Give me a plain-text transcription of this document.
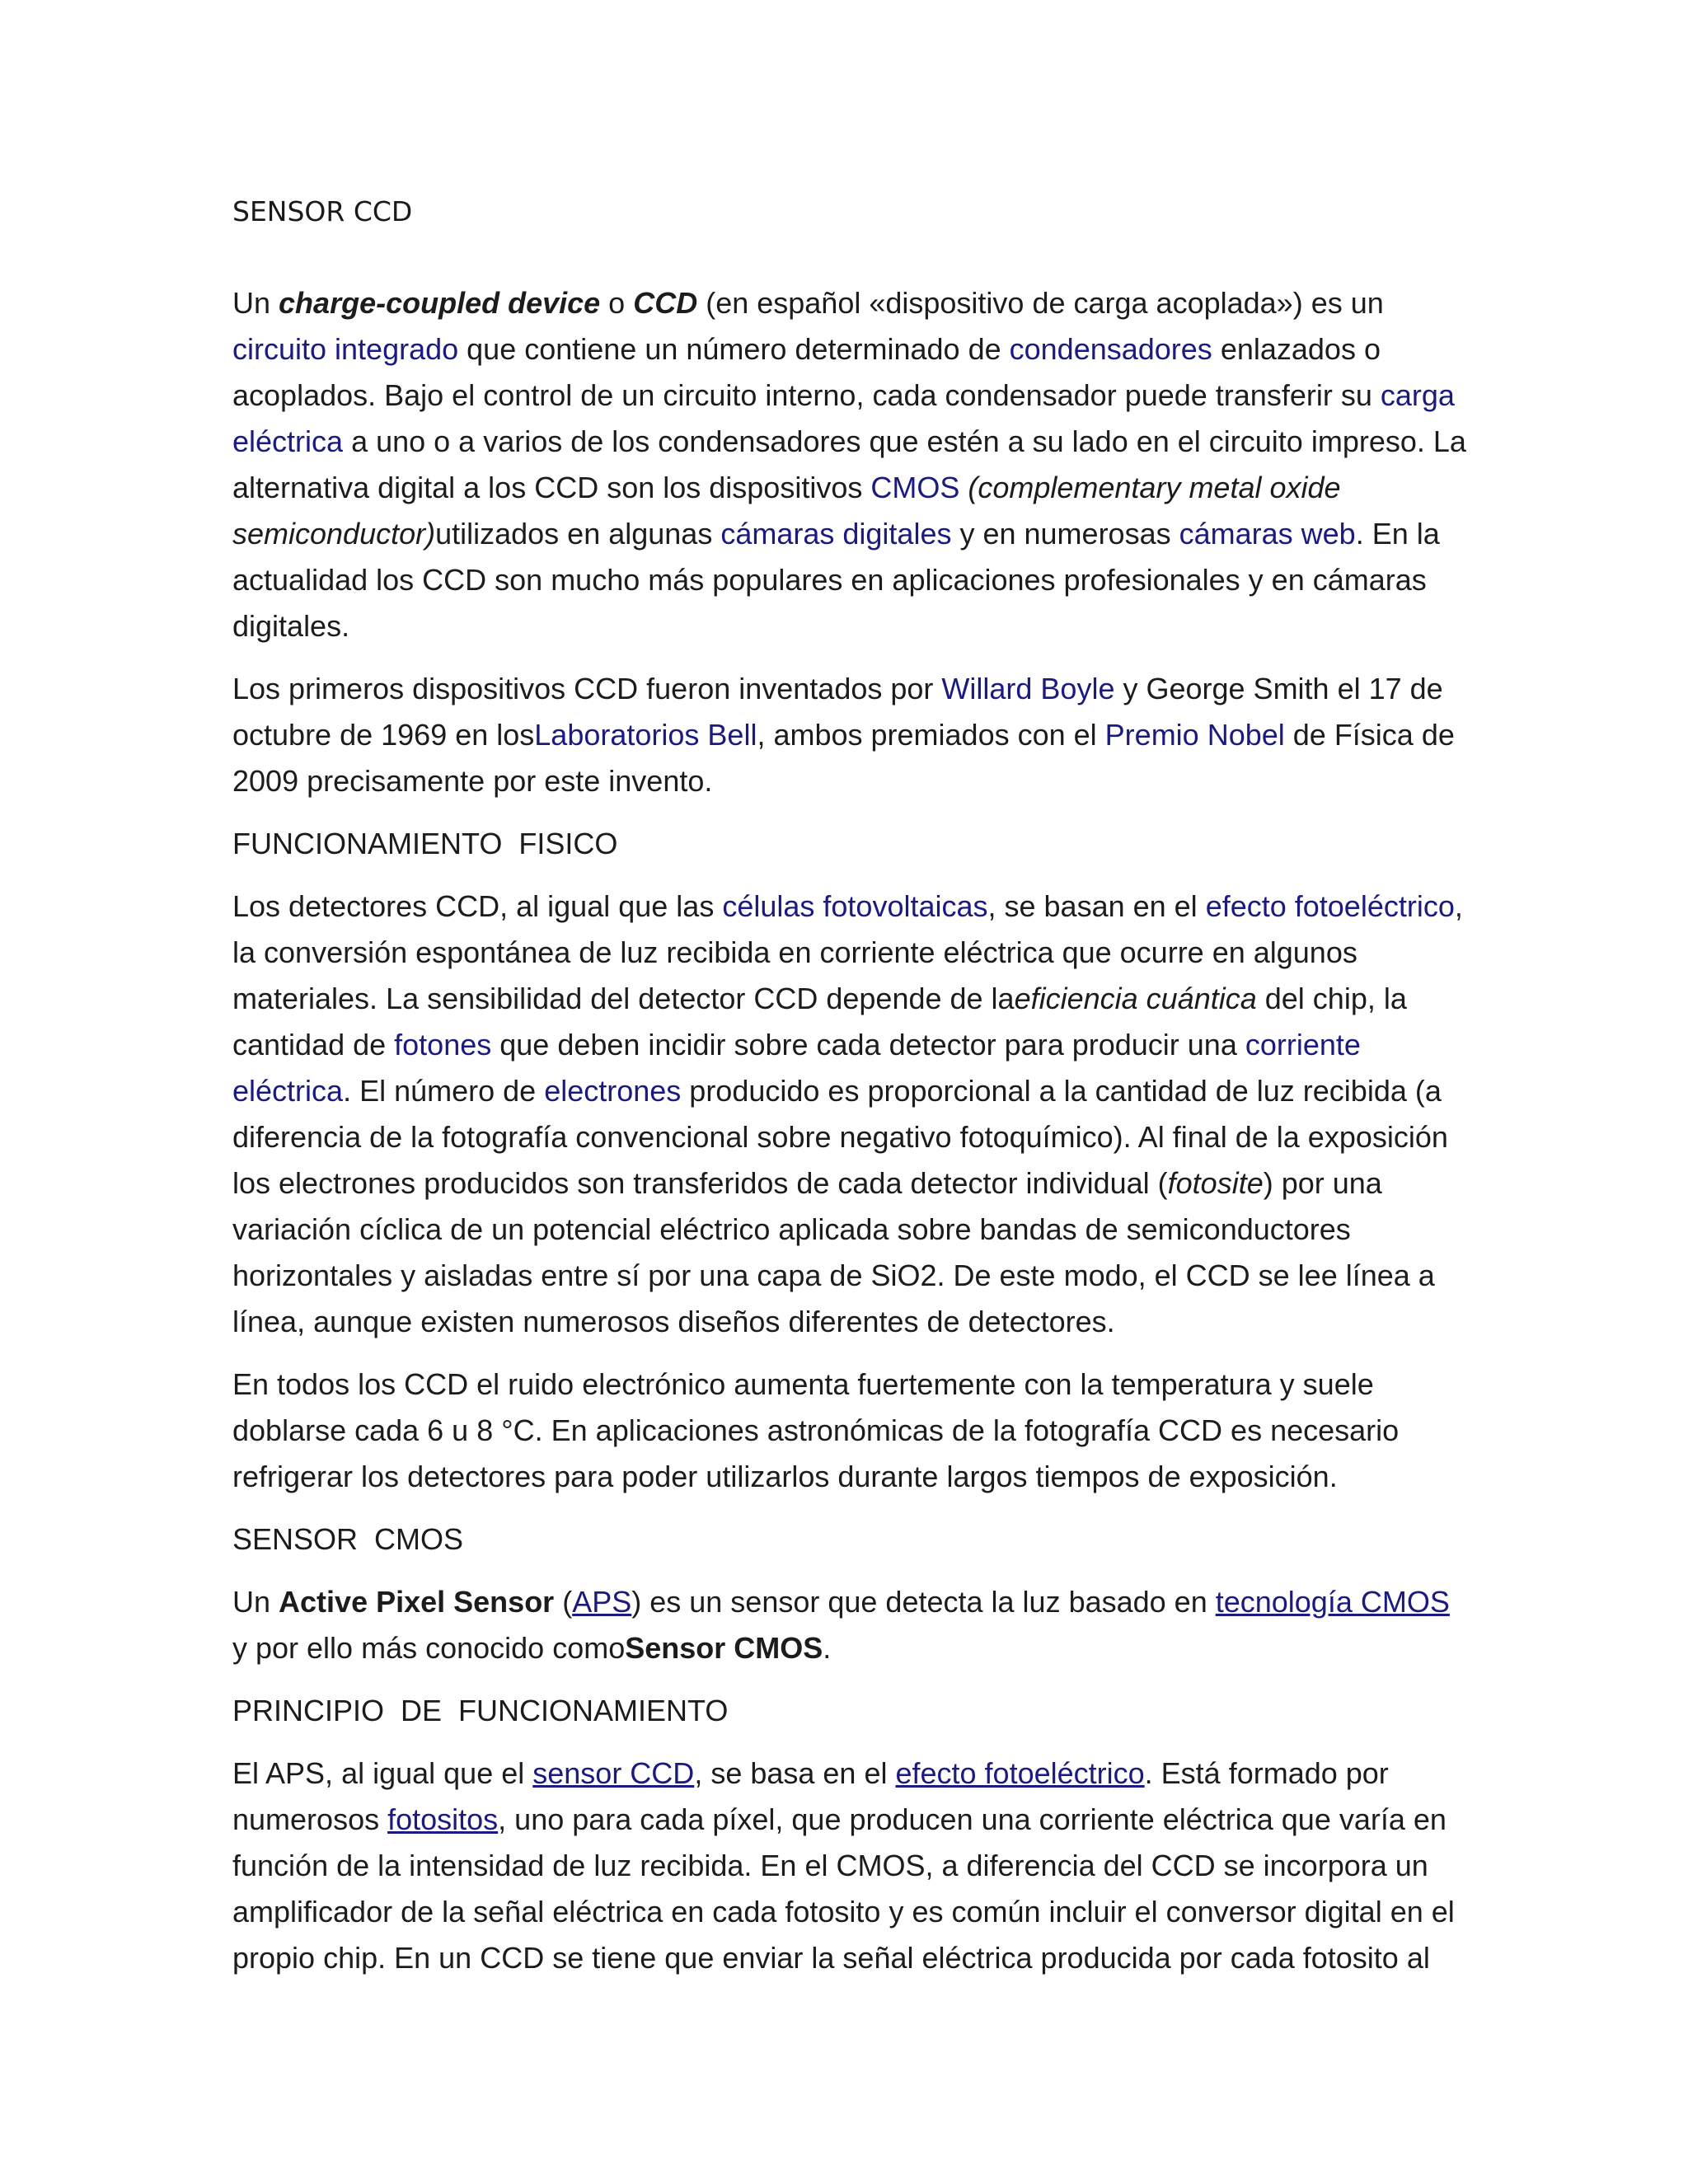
SENSOR CCD

Un charge-coupled device o CCD (en español «dispositivo de carga acoplada») es un circuito integrado que contiene un número determinado de condensadores enlazados o acoplados. Bajo el control de un circuito interno, cada condensador puede transferir su carga eléctrica a uno o a varios de los condensadores que estén a su lado en el circuito impreso. La alternativa digital a los CCD son los dispositivos CMOS (complementary metal oxide semiconductor)utilizados en algunas cámaras digitales y en numerosas cámaras web. En la actualidad los CCD son mucho más populares en aplicaciones profesionales y en cámaras digitales.

Los primeros dispositivos CCD fueron inventados por Willard Boyle y George Smith el 17 de octubre de 1969 en losLaboratorios Bell, ambos premiados con el Premio Nobel de Física de 2009 precisamente por este invento.

FUNCIONAMIENTO  FISICO

Los detectores CCD, al igual que las células fotovoltaicas, se basan en el efecto fotoeléctrico, la conversión espontánea de luz recibida en corriente eléctrica que ocurre en algunos materiales. La sensibilidad del detector CCD depende de laeficiencia cuántica del chip, la cantidad de fotones que deben incidir sobre cada detector para producir una corriente eléctrica. El número de electrones producido es proporcional a la cantidad de luz recibida (a diferencia de la fotografía convencional sobre negativo fotoquímico). Al final de la exposición los electrones producidos son transferidos de cada detector individual (fotosite) por una variación cíclica de un potencial eléctrico aplicada sobre bandas de semiconductores horizontales y aisladas entre sí por una capa de SiO2. De este modo, el CCD se lee línea a línea, aunque existen numerosos diseños diferentes de detectores.

En todos los CCD el ruido electrónico aumenta fuertemente con la temperatura y suele doblarse cada 6 u 8 °C. En aplicaciones astronómicas de la fotografía CCD es necesario refrigerar los detectores para poder utilizarlos durante largos tiempos de exposición.

SENSOR  CMOS

Un Active Pixel Sensor (APS) es un sensor que detecta la luz basado en tecnología CMOS y por ello más conocido comoSensor CMOS.

PRINCIPIO  DE  FUNCIONAMIENTO

El APS, al igual que el sensor CCD, se basa en el efecto fotoeléctrico. Está formado por numerosos fotositos, uno para cada píxel, que producen una corriente eléctrica que varía en función de la intensidad de luz recibida. En el CMOS, a diferencia del CCD se incorpora un amplificador de la señal eléctrica en cada fotosito y es común incluir el conversor digital en el propio chip. En un CCD se tiene que enviar la señal eléctrica producida por cada fotosito al
